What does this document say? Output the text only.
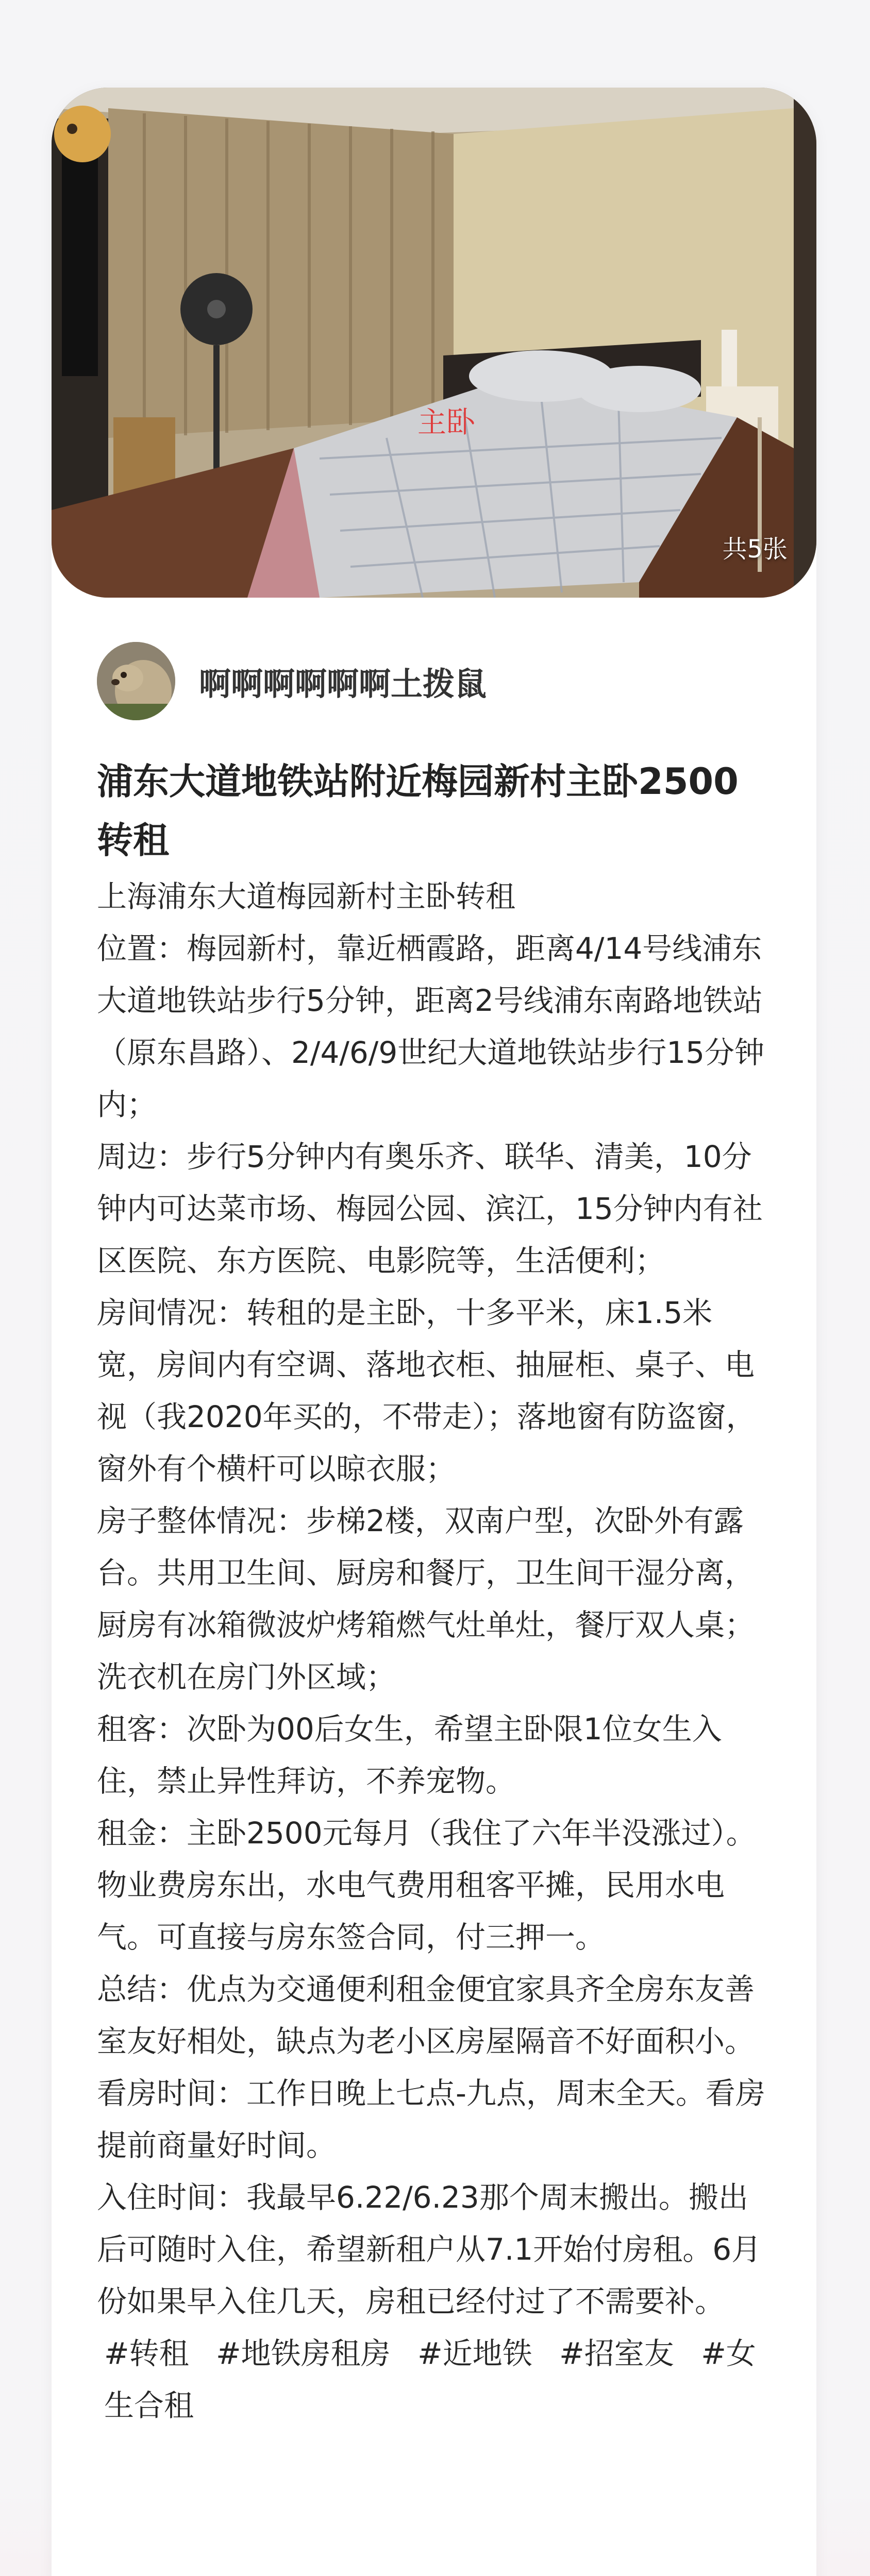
主卧
共5张
啊啊啊啊啊啊土拨鼠
浦东大道地铁站附近梅园新村主卧2500转租

上海浦东大道梅园新村主卧转租

位置：梅园新村，靠近栖霞路，距离4/14号线浦东大道地铁站步行5分钟，距离2号线浦东南路地铁站（原东昌路）、2/4/6/9世纪大道地铁站步行15分钟内；

周边：步行5分钟内有奥乐齐、联华、清美，10分钟内可达菜市场、梅园公园、滨江，15分钟内有社区医院、东方医院、电影院等，生活便利；

房间情况：转租的是主卧，十多平米，床1.5米宽，房间内有空调、落地衣柜、抽屉柜、桌子、电视（我2020年买的，不带走）；落地窗有防盗窗，窗外有个横杆可以晾衣服；

房子整体情况：步梯2楼，双南户型，次卧外有露台。共用卫生间、厨房和餐厅，卫生间干湿分离，厨房有冰箱微波炉烤箱燃气灶单灶，餐厅双人桌；洗衣机在房门外区域；

租客：次卧为00后女生，希望主卧限1位女生入住，禁止异性拜访，不养宠物。

租金：主卧2500元每月（我住了六年半没涨过）。物业费房东出，水电气费用租客平摊，民用水电气。可直接与房东签合同，付三押一。

总结：优点为交通便利租金便宜家具齐全房东友善室友好相处，缺点为老小区房屋隔音不好面积小。

看房时间：工作日晚上七点-九点，周末全天。看房提前商量好时间。

入住时间：我最早6.22/6.23那个周末搬出。搬出后可随时入住，希望新租户从7.1开始付房租。6月份如果早入住几天，房租已经付过了不需要补。

#转租 #地铁房租房 #近地铁 #招室友 #女生合租
